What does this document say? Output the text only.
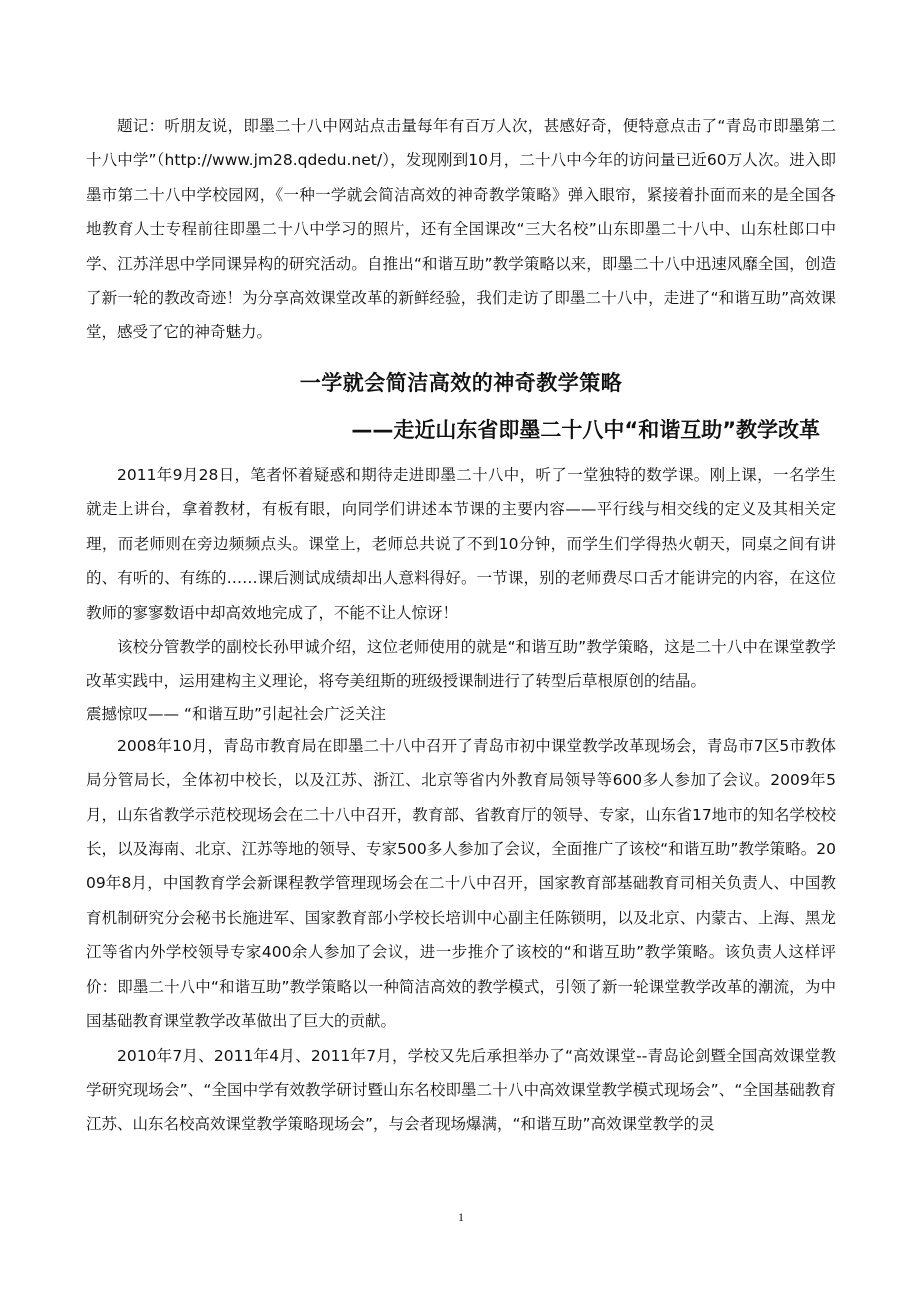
题记：听朋友说，即墨二十八中网站点击量每年有百万人次，甚感好奇，便特意点击了“青岛市即墨第二十八中学”（http://www.jm28.qdedu.net/），发现刚到10月，二十八中今年的访问量已近60万人次。进入即墨市第二十八中学校园网，《一种一学就会简洁高效的神奇教学策略》弹入眼帘，紧接着扑面而来的是全国各地教育人士专程前往即墨二十八中学习的照片，还有全国课改“三大名校”山东即墨二十八中、山东杜郎口中学、江苏洋思中学同课异构的研究活动。自推出“和谐互助”教学策略以来，即墨二十八中迅速风靡全国，创造了新一轮的教改奇迹！为分享高效课堂改革的新鲜经验，我们走访了即墨二十八中，走进了“和谐互助”高效课堂，感受了它的神奇魅力。

一学就会简洁高效的神奇教学策略
——走近山东省即墨二十八中“和谐互助”教学改革

2011年9月28日，笔者怀着疑惑和期待走进即墨二十八中，听了一堂独特的数学课。刚上课，一名学生就走上讲台，拿着教材，有板有眼，向同学们讲述本节课的主要内容——平行线与相交线的定义及其相关定理，而老师则在旁边频频点头。课堂上，老师总共说了不到10分钟，而学生们学得热火朝天，同桌之间有讲的、有听的、有练的……课后测试成绩却出人意料得好。一节课，别的老师费尽口舌才能讲完的内容，在这位教师的寥寥数语中却高效地完成了，不能不让人惊讶！

该校分管教学的副校长孙甲诚介绍，这位老师使用的就是“和谐互助”教学策略，这是二十八中在课堂教学改革实践中，运用建构主义理论，将夸美纽斯的班级授课制进行了转型后草根原创的结晶。

震撼惊叹—— “和谐互助”引起社会广泛关注

2008年10月，青岛市教育局在即墨二十八中召开了青岛市初中课堂教学改革现场会，青岛市7区5市教体局分管局长，全体初中校长，以及江苏、浙江、北京等省内外教育局领导等600多人参加了会议。2009年5月，山东省教学示范校现场会在二十八中召开，教育部、省教育厅的领导、专家，山东省17地市的知名学校校长，以及海南、北京、江苏等地的领导、专家500多人参加了会议，全面推广了该校“和谐互助”教学策略。2009年8月，中国教育学会新课程教学管理现场会在二十八中召开，国家教育部基础教育司相关负责人、中国教育机制研究分会秘书长施进军、国家教育部小学校长培训中心副主任陈锁明，以及北京、内蒙古、上海、黑龙江等省内外学校领导专家400余人参加了会议，进一步推介了该校的“和谐互助”教学策略。该负责人这样评价：即墨二十八中“和谐互助”教学策略以一种简洁高效的教学模式，引领了新一轮课堂教学改革的潮流，为中国基础教育课堂教学改革做出了巨大的贡献。

2010年7月、2011年4月、2011年7月，学校又先后承担举办了“高效课堂--青岛论剑暨全国高效课堂教学研究现场会”、“全国中学有效教学研讨暨山东名校即墨二十八中高效课堂教学模式现场会”、“全国基础教育江苏、山东名校高效课堂教学策略现场会”，与会者现场爆满，“和谐互助”高效课堂教学的灵

1
